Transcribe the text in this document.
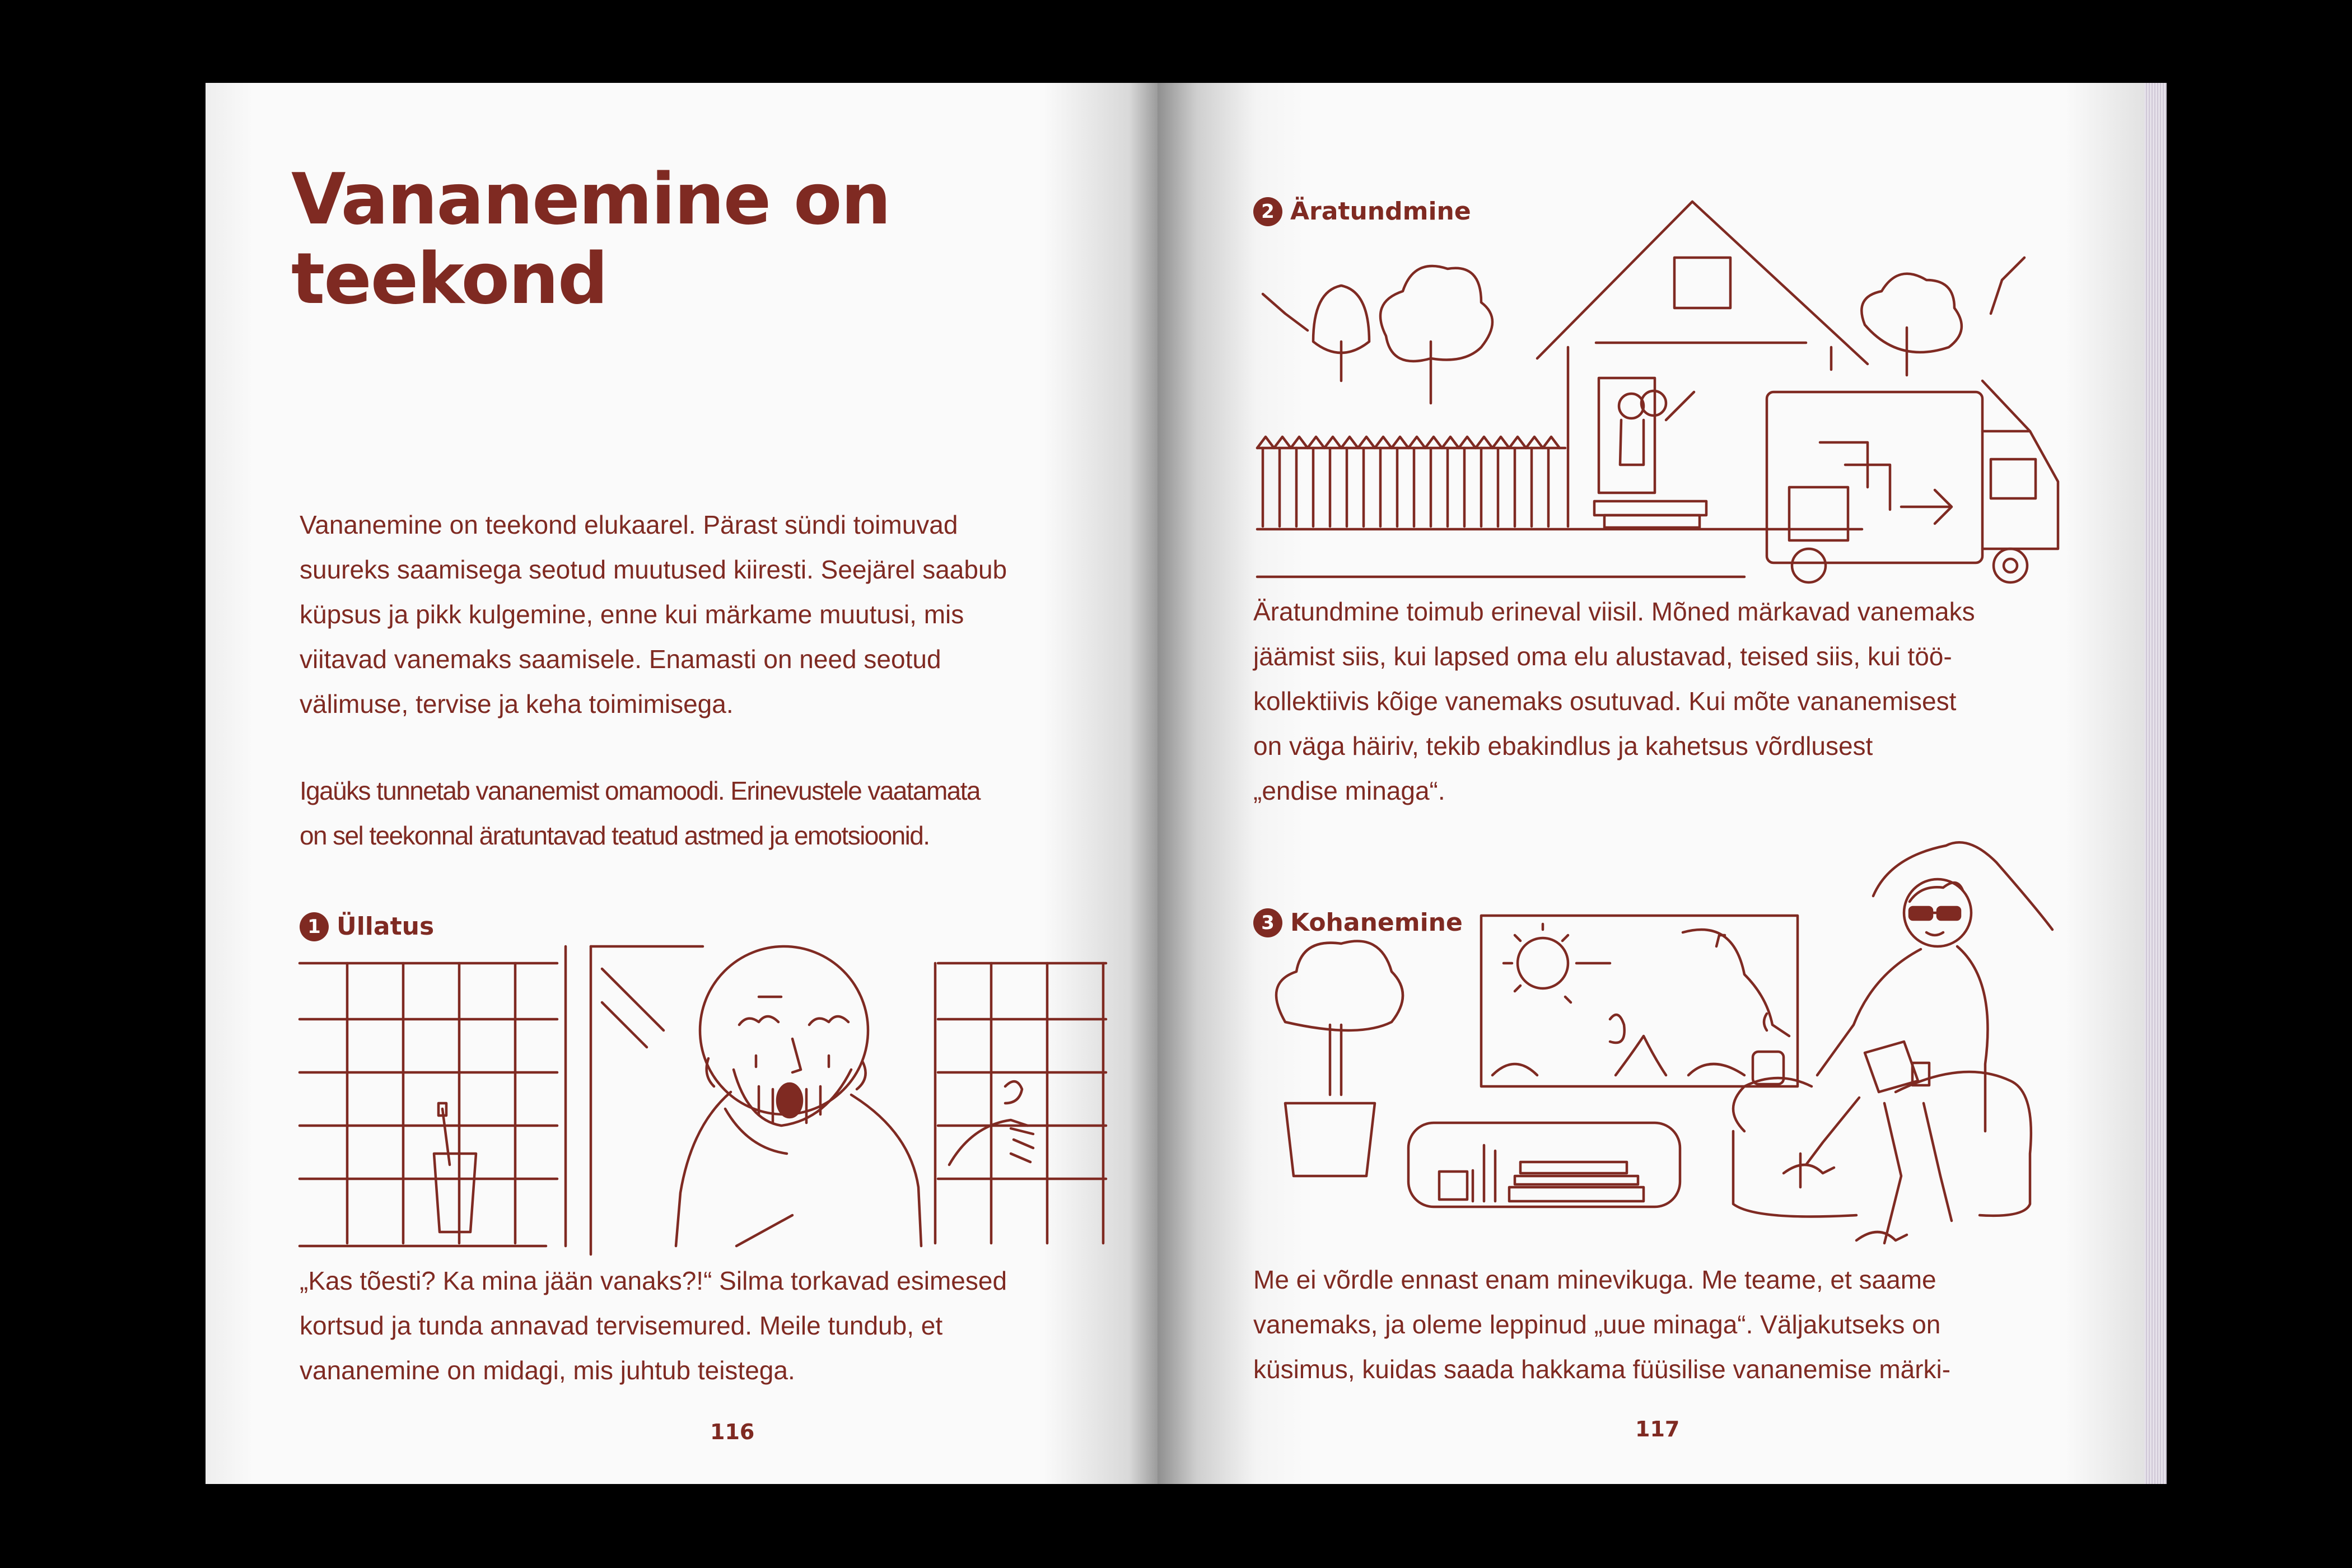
Vananemine on
teekond

Vananemine on teekond elukaarel. Pärast sündi toimuvad
suureks saamisega seotud muutused kiiresti. Seejärel saabub
küpsus ja pikk kulgemine, enne kui märkame muutusi, mis
viitavad vanemaks saamisele. Enamasti on need seotud
välimuse, tervise ja keha toimimisega.

Igaüks tunnetab vananemist omamoodi. Erinevustele vaatamata
on sel teekonnal äratuntavad teatud astmed ja emotsioonid.

1 Üllatus

„Kas tõesti? Ka mina jään vanaks?!“ Silma torkavad esimesed
kortsud ja tunda annavad tervisemured. Meile tundub, et
vananemine on midagi, mis juhtub teistega.

116
2 Äratundmine

Äratundmine toimub erineval viisil. Mõned märkavad vanemaks
jäämist siis, kui lapsed oma elu alustavad, teised siis, kui töö-
kollektiivis kõige vanemaks osutuvad. Kui mõte vananemisest
on väga häiriv, tekib ebakindlus ja kahetsus võrdlusest
„endise minaga“.

3 Kohanemine

Me ei võrdle ennast enam minevikuga. Me teame, et saame
vanemaks, ja oleme leppinud „uue minaga“. Väljakutseks on
küsimus, kuidas saada hakkama füüsilise vananemise märki-

117
